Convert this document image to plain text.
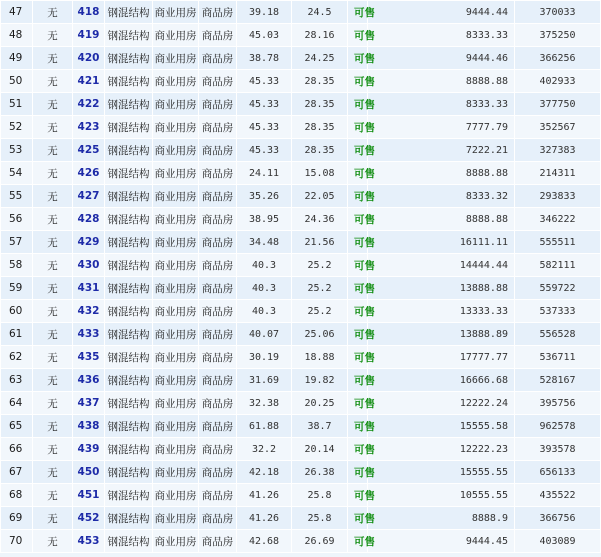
47	无	418	钢混结构	商业用房	商品房	39.18	24.5	可售	9444.44	370033
48	无	419	钢混结构	商业用房	商品房	45.03	28.16	可售	8333.33	375250
49	无	420	钢混结构	商业用房	商品房	38.78	24.25	可售	9444.46	366256
50	无	421	钢混结构	商业用房	商品房	45.33	28.35	可售	8888.88	402933
51	无	422	钢混结构	商业用房	商品房	45.33	28.35	可售	8333.33	377750
52	无	423	钢混结构	商业用房	商品房	45.33	28.35	可售	7777.79	352567
53	无	425	钢混结构	商业用房	商品房	45.33	28.35	可售	7222.21	327383
54	无	426	钢混结构	商业用房	商品房	24.11	15.08	可售	8888.88	214311
55	无	427	钢混结构	商业用房	商品房	35.26	22.05	可售	8333.32	293833
56	无	428	钢混结构	商业用房	商品房	38.95	24.36	可售	8888.88	346222
57	无	429	钢混结构	商业用房	商品房	34.48	21.56	可售	16111.11	555511
58	无	430	钢混结构	商业用房	商品房	40.3	25.2	可售	14444.44	582111
59	无	431	钢混结构	商业用房	商品房	40.3	25.2	可售	13888.88	559722
60	无	432	钢混结构	商业用房	商品房	40.3	25.2	可售	13333.33	537333
61	无	433	钢混结构	商业用房	商品房	40.07	25.06	可售	13888.89	556528
62	无	435	钢混结构	商业用房	商品房	30.19	18.88	可售	17777.77	536711
63	无	436	钢混结构	商业用房	商品房	31.69	19.82	可售	16666.68	528167
64	无	437	钢混结构	商业用房	商品房	32.38	20.25	可售	12222.24	395756
65	无	438	钢混结构	商业用房	商品房	61.88	38.7	可售	15555.58	962578
66	无	439	钢混结构	商业用房	商品房	32.2	20.14	可售	12222.23	393578
67	无	450	钢混结构	商业用房	商品房	42.18	26.38	可售	15555.55	656133
68	无	451	钢混结构	商业用房	商品房	41.26	25.8	可售	10555.55	435522
69	无	452	钢混结构	商业用房	商品房	41.26	25.8	可售	8888.9	366756
70	无	453	钢混结构	商业用房	商品房	42.68	26.69	可售	9444.45	403089
